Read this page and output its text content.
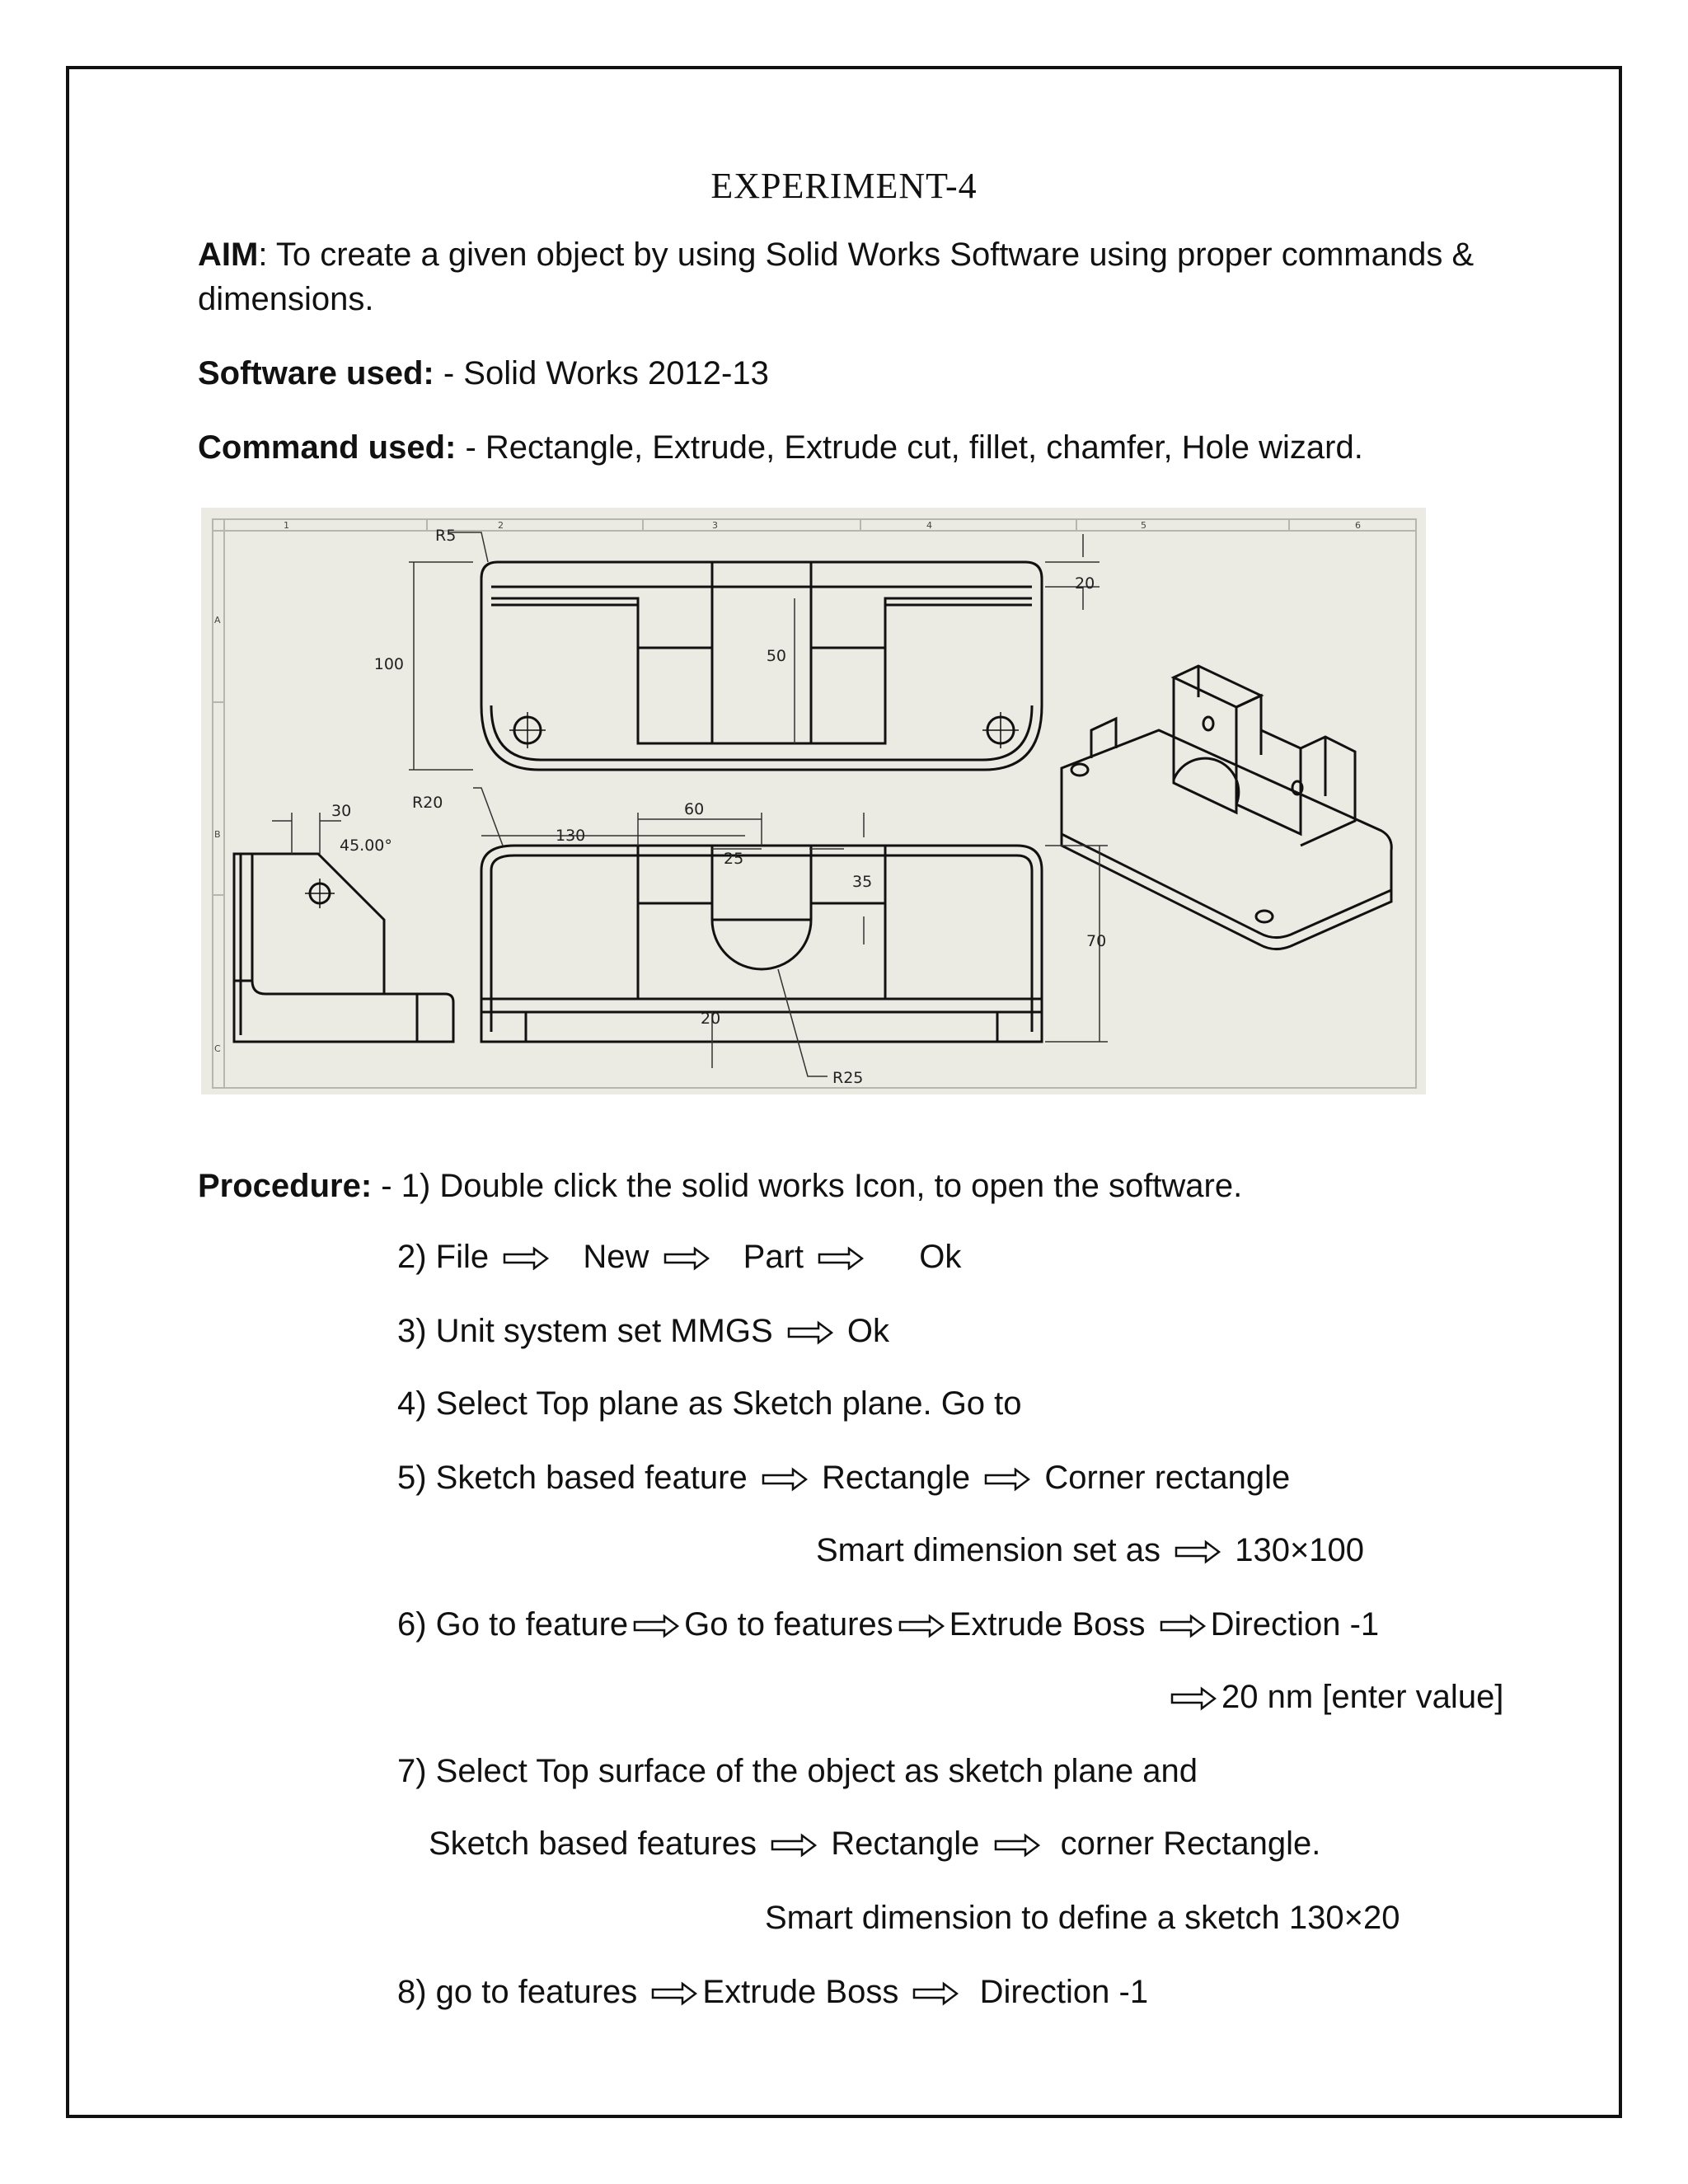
EXPERIMENT-4
AIM: To create a given object by using Solid Works Software using proper commands &
dimensions.
Software used: - Solid Works 2012-13
Command used: - Rectangle, Extrude, Extrude cut, fillet, chamfer, Hole wizard.
1	2	3	4	5	6
A
B
C
R5
20
100	50
R20
30
45.00°
130
60
25
35
70
20
R25
Procedure: - 1) Double click the solid works Icon, to open the software.
2) File	New	Part	Ok
3) Unit system set MMGS Ok
4) Select Top plane as Sketch plane. Go to
5) Sketch based feature Rectangle Corner rectangle
Smart dimension set as 130×100
6) Go to feature Go to features Extrude Boss Direction -1
20 nm [enter value]
7) Select Top surface of the object as sketch plane and
Sketch based features Rectangle corner Rectangle.
Smart dimension to define a sketch 130×20
8) go to features Extrude Boss Direction -1
